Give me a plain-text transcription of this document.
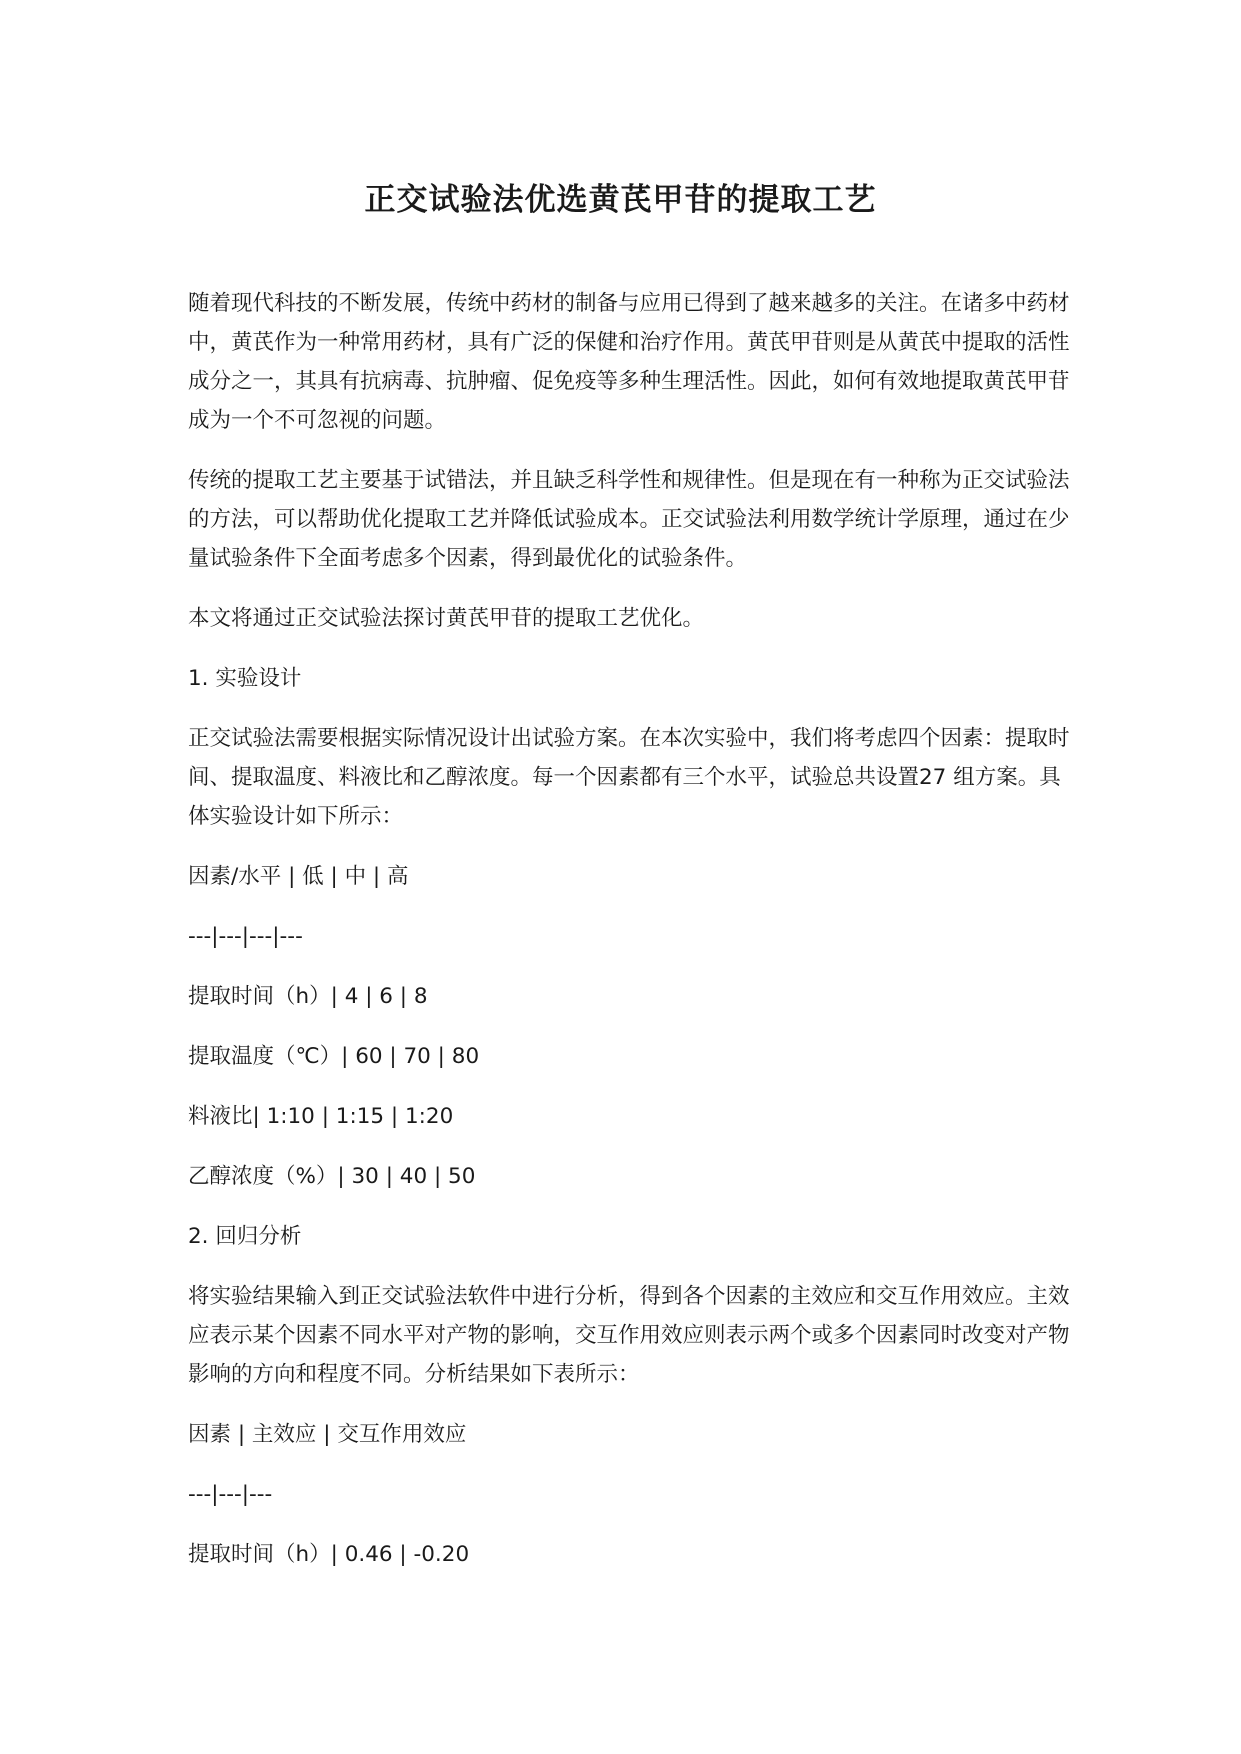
正交试验法优选黄芪甲苷的提取工艺

随着现代科技的不断发展，传统中药材的制备与应用已得到了越来越多的关注。在诸多中药材中，黄芪作为一种常用药材，具有广泛的保健和治疗作用。黄芪甲苷则是从黄芪中提取的活性成分之一，其具有抗病毒、抗肿瘤、促免疫等多种生理活性。因此，如何有效地提取黄芪甲苷成为一个不可忽视的问题。

传统的提取工艺主要基于试错法，并且缺乏科学性和规律性。但是现在有一种称为正交试验法的方法，可以帮助优化提取工艺并降低试验成本。正交试验法利用数学统计学原理，通过在少量试验条件下全面考虑多个因素，得到最优化的试验条件。

本文将通过正交试验法探讨黄芪甲苷的提取工艺优化。

1. 实验设计

正交试验法需要根据实际情况设计出试验方案。在本次实验中，我们将考虑四个因素：提取时间、提取温度、料液比和乙醇浓度。每一个因素都有三个水平，试验总共设置27 组方案。具体实验设计如下所示：

因素/水平 | 低 | 中 | 高
---|---|---|---
提取时间（h）| 4 | 6 | 8
提取温度（℃）| 60 | 70 | 80
料液比| 1:10 | 1:15 | 1:20
乙醇浓度（%）| 30 | 40 | 50

2. 回归分析

将实验结果输入到正交试验法软件中进行分析，得到各个因素的主效应和交互作用效应。主效应表示某个因素不同水平对产物的影响，交互作用效应则表示两个或多个因素同时改变对产物影响的方向和程度不同。分析结果如下表所示：

因素 | 主效应 | 交互作用效应
---|---|---
提取时间（h）| 0.46 | -0.20
